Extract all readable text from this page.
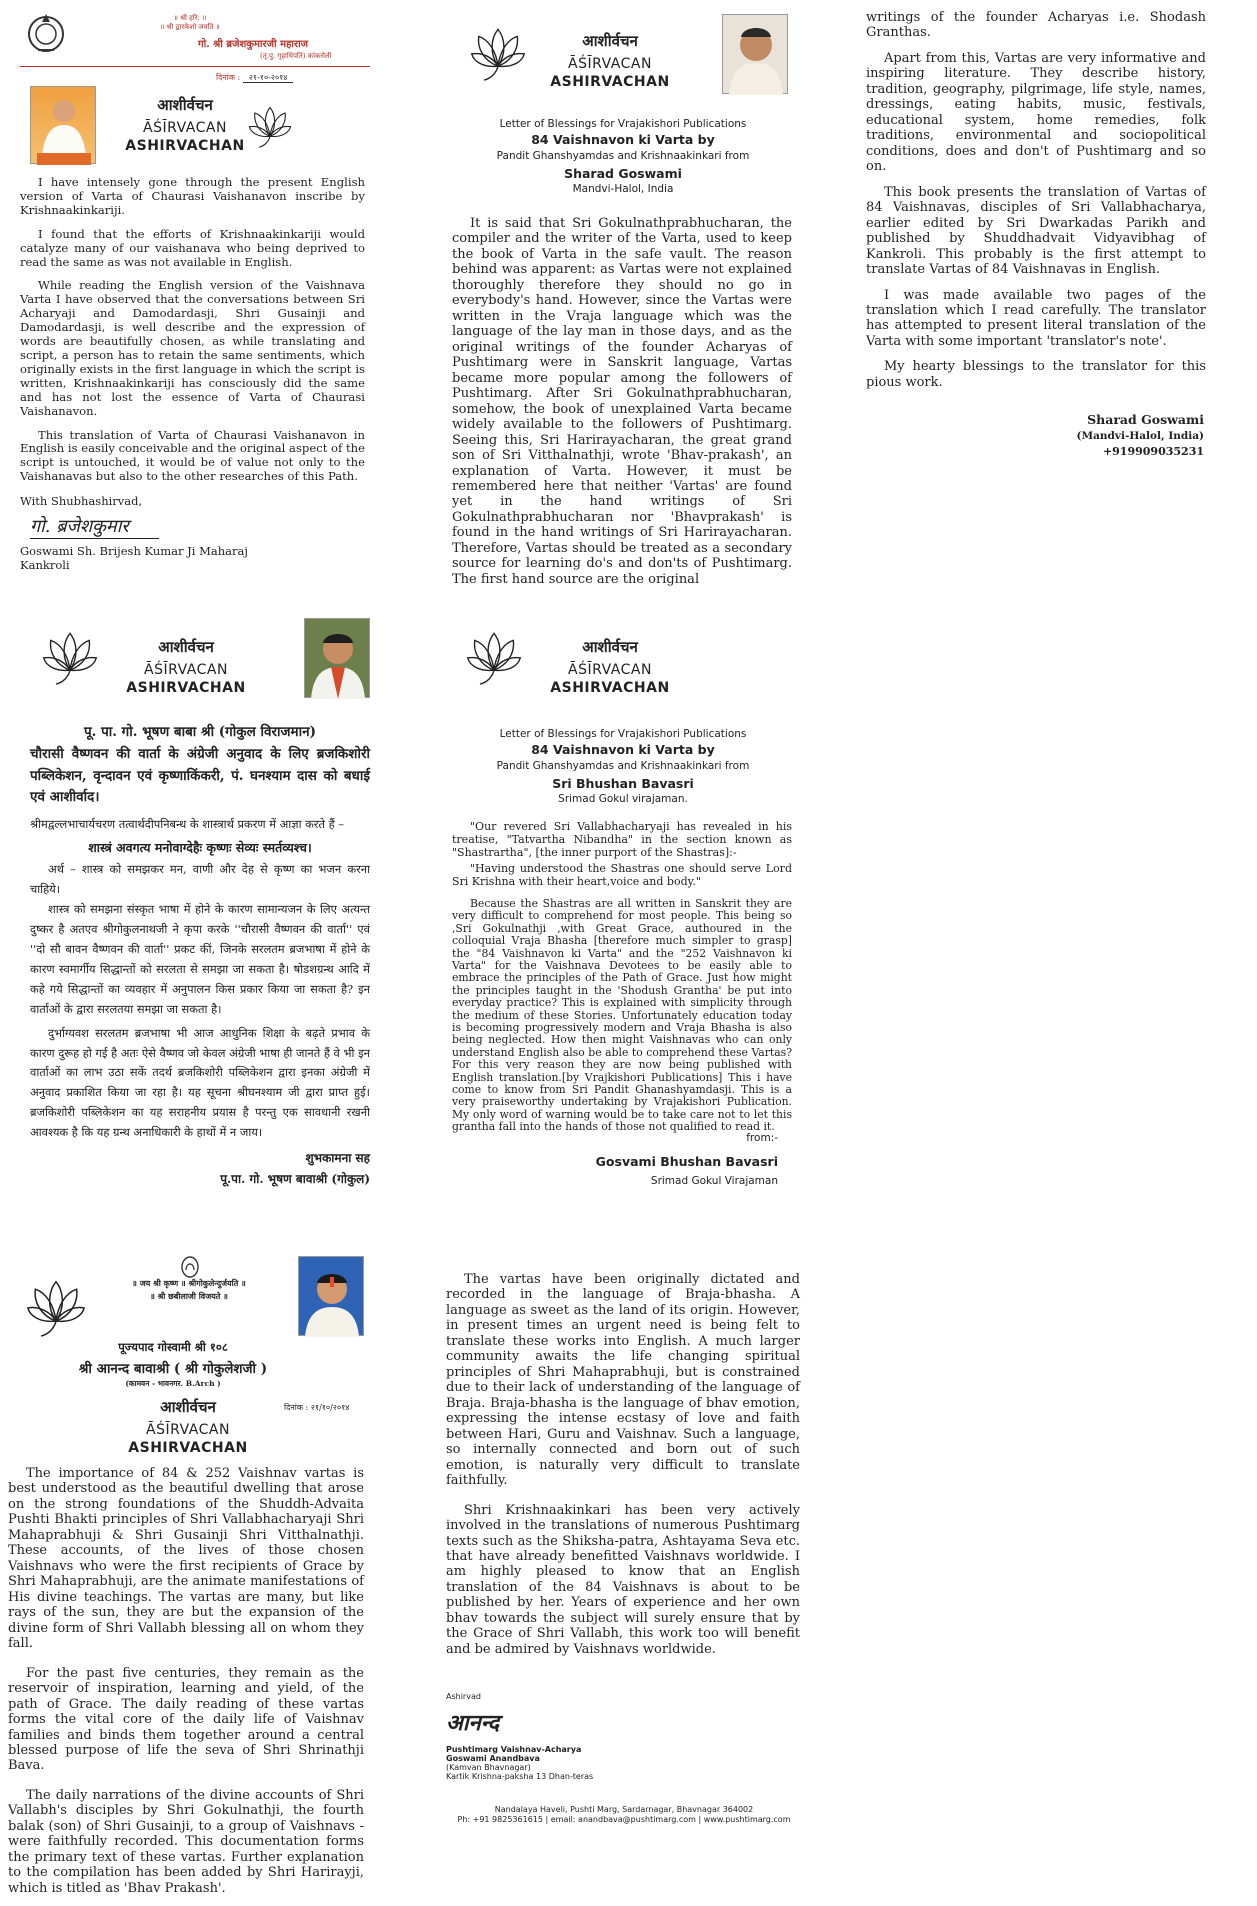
॥ श्री हरि: ॥
॥ श्री द्वारकेशो जयति ॥
गो. श्री ब्रजेशकुमारजी महाराज
(तृ.पु. गृहाधिपति) कांकरोली
दिनांक : २१-१०-२०१४
आशीर्वचन
ĀŚĪRVACAN
ASHIRVACHAN

I have intensely gone through the present English version of Varta of Chaurasi Vaishanavon inscribe by Krishnaakinkariji.

I found that the efforts of Krishnaakinkariji would catalyze many of our vaishanava who being deprived to read the same as was not available in English.

While reading the English version of the Vaishnava Varta I have observed that the conversations between Sri Acharyaji and Damodardasji, Shri Gusainji and Damodardasji, is well describe and the expression of words are beautifully chosen, as while translating and script, a person has to retain the same sentiments, which originally exists in the first language in which the script is written, Krishnaakinkariji has consciously did the same and has not lost the essence of Varta of Chaurasi Vaishanavon.

This translation of Varta of Chaurasi Vaishanavon in English is easily conceivable and the original aspect of the script is untouched, it would be of value not only to the Vaishanavas but also to the other researches of this Path.

With Shubhashirvad,
गो. ब्रजेशकुमार
Goswami Sh. Brijesh Kumar Ji Maharaj
Kankroli
आशीर्वचन
ĀŚĪRVACAN
ASHIRVACHAN
Letter of Blessings for Vrajakishori Publications
84 Vaishnavon ki Varta by
Pandit Ghanshyamdas and Krishnaakinkari from
Sharad Goswami
Mandvi-Halol, India

It is said that Sri Gokulnathprabhucharan, the compiler and the writer of the Varta, used to keep the book of Varta in the safe vault. The reason behind was apparent: as Vartas were not explained thoroughly therefore they should no go in everybody's hand. However, since the Vartas were written in the Vraja language which was the language of the lay man in those days, and as the original writings of the founder Acharyas of Pushtimarg were in Sanskrit language, Vartas became more popular among the followers of Pushtimarg. After Sri Gokulnathprabhucharan, somehow, the book of unexplained Varta became widely available to the followers of Pushtimarg. Seeing this, Sri Harirayacharan, the great grand son of Sri Vitthalnathji, wrote 'Bhav-prakash', an explanation of Varta. However, it must be remembered here that neither 'Vartas' are found yet in the hand writings of Sri Gokulnathprabhucharan nor 'Bhavprakash' is found in the hand writings of Sri Harirayacharan. Therefore, Vartas should be treated as a secondary source for learning do's and don'ts of Pushtimarg. The first hand source are the original

writings of the founder Acharyas i.e. Shodash Granthas.

Apart from this, Vartas are very informative and inspiring literature. They describe history, tradition, geography, pilgrimage, life style, names, dressings, eating habits, music, festivals, educational system, home remedies, folk traditions, environmental and sociopolitical conditions, does and don't of Pushtimarg and so on.

This book presents the translation of Vartas of 84 Vaishnavas, disciples of Sri Vallabhacharya, earlier edited by Sri Dwarkadas Parikh and published by Shuddhadvait Vidyavibhag of Kankroli. This probably is the first attempt to translate Vartas of 84 Vaishnavas in English.

I was made available two pages of the translation which I read carefully. The translator has attempted to present literal translation of the Varta with some important 'translator's note'.

My hearty blessings to the translator for this pious work.

Sharad Goswami
(Mandvi-Halol, India)
+919909035231
आशीर्वचन
ĀŚĪRVACAN
ASHIRVACHAN
पू. पा. गो. भूषण बाबा श्री (गोकुल विराजमान)
चौरासी वैष्णवन की वार्ता के अंग्रेजी अनुवाद के लिए ब्रजकिशोरी पब्लिकेशन, वृन्दावन एवं कृष्णाकिंकरी, पं. घनश्याम दास को बधाई एवं आशीर्वाद।
श्रीमद्वल्लभाचार्यचरण तत्वार्थदीपनिबन्ध के शास्त्रार्थ प्रकरण में आज्ञा करते हैं –
शास्त्रं अवगत्य मनोवाग्देहैः कृष्णः सेव्यः स्मर्तव्यश्च।
अर्थ – शास्त्र को समझकर मन, वाणी और देह से कृष्ण का भजन करना चाहिये।
शास्त्र को समझना संस्कृत भाषा में होने के कारण सामान्यजन के लिए अत्यन्त दुष्कर है अतएव श्रीगोकुलनाथजी ने कृपा करके ''चौरासी वैष्णवन की वार्ता'' एवं ''दो सौ बावन वैष्णवन की वार्ता'' प्रकट कीं, जिनके सरलतम ब्रजभाषा में होने के कारण स्वमार्गीय सिद्धान्तों को सरलता से समझा जा सकता है। षोडशग्रन्थ आदि में कहे गये सिद्धान्तों का व्यवहार में अनुपालन किस प्रकार किया जा सकता है? इन वार्ताओं के द्वारा सरलतया समझा जा सकता है।
दुर्भाग्यवश सरलतम ब्रजभाषा भी आज आधुनिक शिक्षा के बढ़ते प्रभाव के कारण दुरूह हो गई है अतः ऐसे वैष्णव जो केवल अंग्रेजी भाषा ही जानते हैं वे भी इन वार्ताओं का लाभ उठा सकें तदर्थ ब्रजकिशोरी पब्लिकेशन द्वारा इनका अंग्रेजी में अनुवाद प्रकाशित किया जा रहा है। यह सूचना श्रीघनश्याम जी द्वारा प्राप्त हुई। ब्रजकिशोरी पब्लिकेशन का यह सराहनीय प्रयास है परन्तु एक सावधानी रखनी आवश्यक है कि यह ग्रन्थ अनाधिकारी के हाथों में न जाय।
शुभकामना सह
पू.पा. गो. भूषण बावाश्री (गोकुल)
आशीर्वचन
ĀŚĪRVACAN
ASHIRVACHAN
Letter of Blessings for Vrajakishori Publications
84 Vaishnavon ki Varta by
Pandit Ghanshyamdas and Krishnaakinkari from
Sri Bhushan Bavasri
Srimad Gokul virajaman.

"Our revered Sri Vallabhacharyaji has revealed in his treatise, "Tatvartha Nibandha" in the section known as "Shastrartha", [the inner purport of the Shastras]:-

"Having understood the Shastras one should serve Lord Sri Krishna with their heart,voice and body."

Because the Shastras are all written in Sanskrit they are very difficult to comprehend for most people. This being so ,Sri Gokulnathji ,with Great Grace, authoured in the colloquial Vraja Bhasha [therefore much simpler to grasp] the "84 Vaishnavon ki Varta" and the "252 Vaishnavon ki Varta" for the Vaishnava Devotees to be easily able to embrace the principles of the Path of Grace. Just how might the principles taught in the 'Shodush Grantha' be put into everyday practice? This is explained with simplicity through the medium of these Stories. Unfortunately education today is becoming progressively modern and Vraja Bhasha is also being neglected. How then might Vaishnavas who can only understand English also be able to comprehend these Vartas? For this very reason they are now being published with English translation.[by Vrajkishori Publications] This i have come to know from Sri Pandit Ghanashyamdasji. This is a very praiseworthy undertaking by Vrajakishori Publication. My only word of warning would be to take care not to let this grantha fall into the hands of those not qualified to read it.

from:-
Gosvami Bhushan Bavasri
Srimad Gokul Virajaman
॥ जय श्री कृष्ण ॥ श्रीगोकुलेन्दुर्जयति ॥
॥ श्री छबीलाजी विजयते ॥
पूज्यपाद गोस्वामी श्री १०८
श्री आनन्द बावाश्री ( श्री गोकुलेशजी )
(कामवन - भावनगर. B.Arch )
आशीर्वचन
ĀŚĪRVACAN
ASHIRVACHAN
दिनांक : २१/१०/२०१४

The importance of 84 & 252 Vaishnav vartas is best understood as the beautiful dwelling that arose on the strong foundations of the Shuddh-Advaita Pushti Bhakti principles of Shri Vallabhacharyaji Shri Mahaprabhuji & Shri Gusainji Shri Vitthalnathji. These accounts, of the lives of those chosen Vaishnavs who were the first recipients of Grace by Shri Mahaprabhuji, are the animate manifestations of His divine teachings. The vartas are many, but like rays of the sun, they are but the expansion of the divine form of Shri Vallabh blessing all on whom they fall.

For the past five centuries, they remain as the reservoir of inspiration, learning and yield, of the path of Grace. The daily reading of these vartas forms the vital core of the daily life of Vaishnav families and binds them together around a central blessed purpose of life the seva of Shri Shrinathji Bava.

The daily narrations of the divine accounts of Shri Vallabh's disciples by Shri Gokulnathji, the fourth balak (son) of Shri Gusainji, to a group of Vaishnavs - were faithfully recorded. This documentation forms the primary text of these vartas. Further explanation to the compilation has been added by Shri Harirayji, which is titled as 'Bhav Prakash'.

The vartas have been originally dictated and recorded in the language of Braja-bhasha. A language as sweet as the land of its origin. However, in present times an urgent need is being felt to translate these works into English. A much larger community awaits the life changing spiritual principles of Shri Mahaprabhuji, but is constrained due to their lack of understanding of the language of Braja. Braja-bhasha is the language of bhav emotion, expressing the intense ecstasy of love and faith between Hari, Guru and Vaishnav. Such a language, so internally connected and born out of such emotion, is naturally very difficult to translate faithfully.

Shri Krishnaakinkari has been very actively involved in the translations of numerous Pushtimarg texts such as the Shiksha-patra, Ashtayama Seva etc. that have already benefitted Vaishnavs worldwide. I am highly pleased to know that an English translation of the 84 Vaishnavs is about to be published by her. Years of experience and her own bhav towards the subject will surely ensure that by the Grace of Shri Vallabh, this work too will benefit and be admired by Vaishnavs worldwide.

Ashirvad
आनन्द
Pushtimarg Vaishnav-Acharya
Goswami Anandbava
(Kamvan Bhavnagar)
Kartik Krishna-paksha 13 Dhan-teras
Nandalaya Haveli, Pushti Marg, Sardarnagar, Bhavnagar 364002
Ph: +91 9825361615 | email: anandbava@pushtimarg.com | www.pushtimarg.com
